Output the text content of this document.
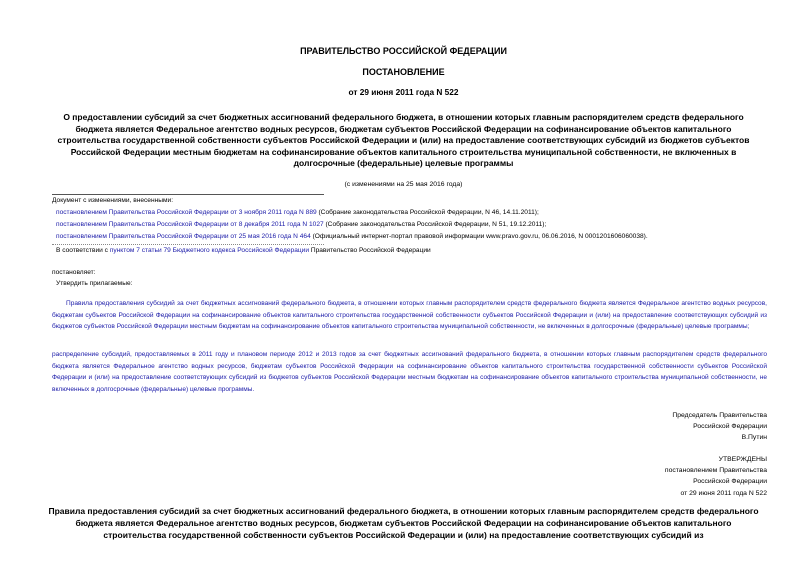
ПРАВИТЕЛЬСТВО РОССИЙСКОЙ ФЕДЕРАЦИИ
ПОСТАНОВЛЕНИЕ
от 29 июня 2011 года N 522
О предоставлении субсидий за счет бюджетных ассигнований федерального бюджета, в отношении которых главным распорядителем средств федерального бюджета является Федеральное агентство водных ресурсов, бюджетам субъектов Российской Федерации на софинансирование объектов капитального строительства государственной собственности субъектов Российской Федерации и (или) на предоставление соответствующих субсидий из бюджетов субъектов Российской Федерации местным бюджетам на софинансирование объектов капитального строительства муниципальной собственности, не включенных в долгосрочные (федеральные) целевые программы
(с изменениями на 25 мая 2016 года)
Документ с изменениями, внесенными:
постановлением Правительства Российской Федерации от 3 ноября 2011 года N 889 (Собрание законодательства Российской Федерации, N 46, 14.11.2011);
постановлением Правительства Российской Федерации от 8 декабря 2011 года N 1027 (Собрание законодательства Российской Федерации, N 51, 19.12.2011);
постановлением Правительства Российской Федерации от 25 мая 2016 года N 464 (Официальный интернет-портал правовой информации www.pravo.gov.ru, 06.06.2016, N 0001201606060038).
В соответствии с пунктом 7 статьи 79 Бюджетного кодекса Российской Федерации Правительство Российской Федерации
постановляет:
Утвердить прилагаемые:
Правила предоставления субсидий за счет бюджетных ассигнований федерального бюджета, в отношении которых главным распорядителем средств федерального бюджета является Федеральное агентство водных ресурсов, бюджетам субъектов Российской Федерации на софинансирование объектов капитального строительства государственной собственности субъектов Российской Федерации и (или) на предоставление соответствующих субсидий из бюджетов субъектов Российской Федерации местным бюджетам на софинансирование объектов капитального строительства муниципальной собственности, не включенных в долгосрочные (федеральные) целевые программы;
распределение субсидий, предоставляемых в 2011 году и плановом периоде 2012 и 2013 годов за счет бюджетных ассигнований федерального бюджета, в отношении которых главным распорядителем средств федерального бюджета является Федеральное агентство водных ресурсов, бюджетам субъектов Российской Федерации на софинансирование объектов капитального строительства государственной собственности субъектов Российской Федерации и (или) на предоставление соответствующих субсидий из бюджетов субъектов Российской Федерации местным бюджетам на софинансирование объектов капитального строительства муниципальной собственности, не включенных в долгосрочные (федеральные) целевые программы.
Председатель Правительства
Российской Федерации
В.Путин
УТВЕРЖДЕНЫ
постановлением Правительства
Российской Федерации
от 29 июня 2011 года N 522
Правила предоставления субсидий за счет бюджетных ассигнований федерального бюджета, в отношении которых главным распорядителем средств федерального бюджета является Федеральное агентство водных ресурсов, бюджетам субъектов Российской Федерации на софинансирование объектов капитального строительства государственной собственности субъектов Российской Федерации и (или) на предоставление соответствующих субсидий из
